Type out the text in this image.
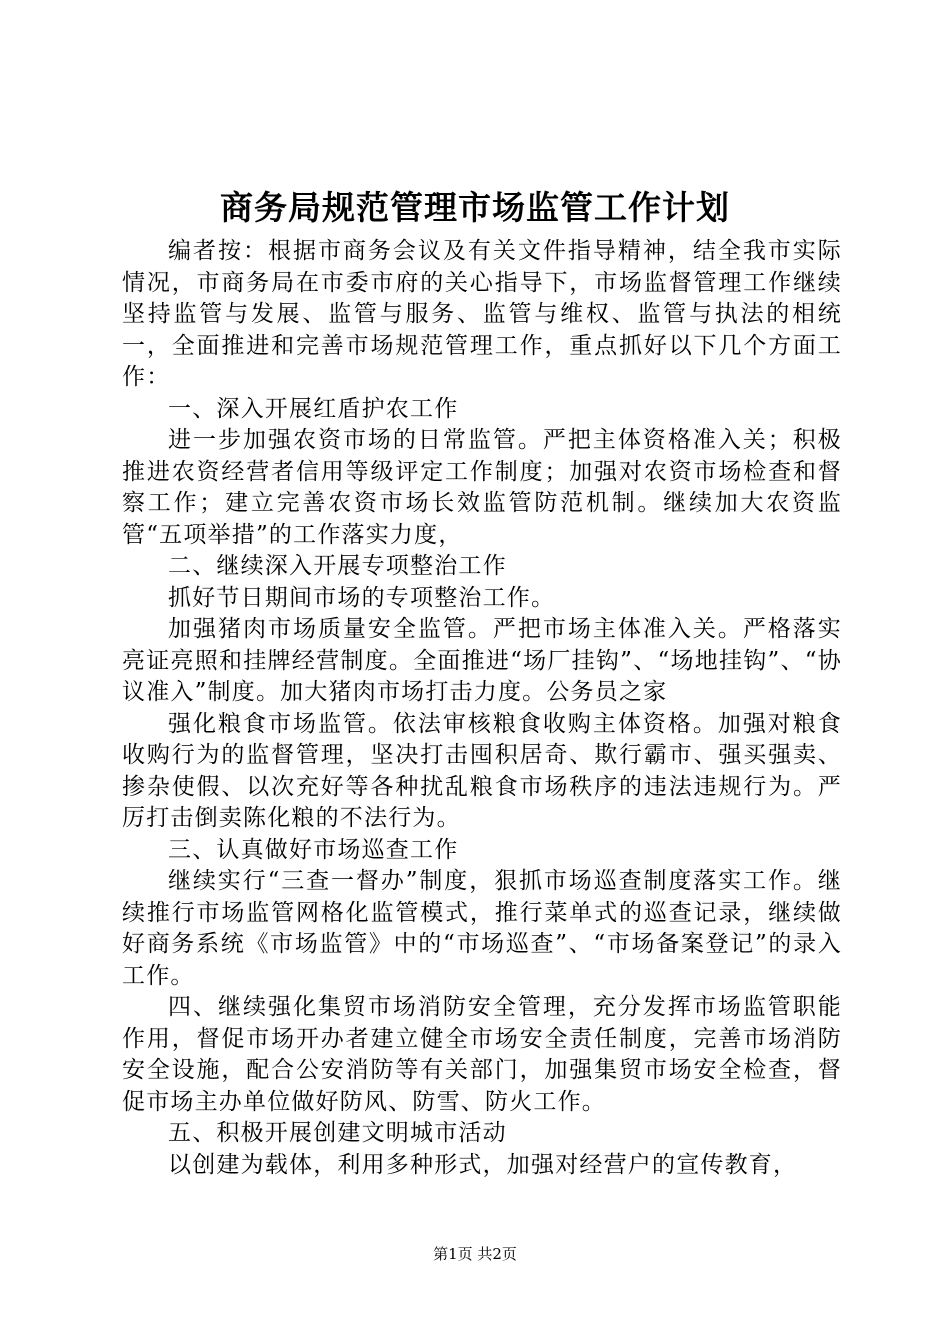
商务局规范管理市场监管工作计划

编者按：根据市商务会议及有关文件指导精神，结全我市实际情况，市商务局在市委市府的关心指导下，市场监督管理工作继续坚持监管与发展、监管与服务、监管与维权、监管与执法的相统一，全面推进和完善市场规范管理工作，重点抓好以下几个方面工作：

一、深入开展红盾护农工作

进一步加强农资市场的日常监管。严把主体资格准入关；积极推进农资经营者信用等级评定工作制度；加强对农资市场检查和督察工作；建立完善农资市场长效监管防范机制。继续加大农资监管“五项举措”的工作落实力度，

二、继续深入开展专项整治工作

抓好节日期间市场的专项整治工作。

加强猪肉市场质量安全监管。严把市场主体准入关。严格落实亮证亮照和挂牌经营制度。全面推进“场厂挂钩”、“场地挂钩”、“协议准入”制度。加大猪肉市场打击力度。公务员之家

强化粮食市场监管。依法审核粮食收购主体资格。加强对粮食收购行为的监督管理，坚决打击囤积居奇、欺行霸市、强买强卖、掺杂使假、以次充好等各种扰乱粮食市场秩序的违法违规行为。严厉打击倒卖陈化粮的不法行为。

三、认真做好市场巡查工作

继续实行“三查一督办”制度，狠抓市场巡查制度落实工作。继续推行市场监管网格化监管模式，推行菜单式的巡查记录，继续做好商务系统《市场监管》中的“市场巡查”、“市场备案登记”的录入工作。

四、继续强化集贸市场消防安全管理，充分发挥市场监管职能作用，督促市场开办者建立健全市场安全责任制度，完善市场消防安全设施，配合公安消防等有关部门，加强集贸市场安全检查，督促市场主办单位做好防风、防雪、防火工作。

五、积极开展创建文明城市活动

以创建为载体，利用多种形式，加强对经营户的宣传教育，

第1页 共2页
